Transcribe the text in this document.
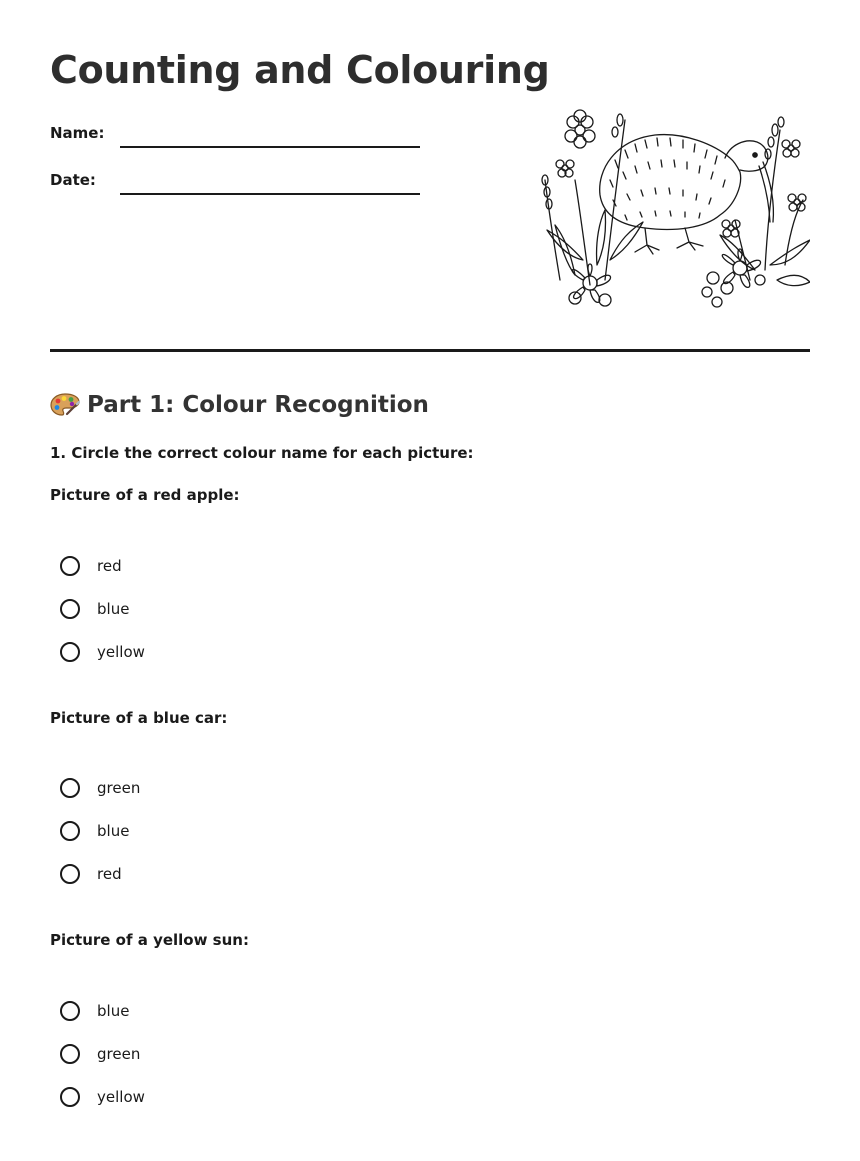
Counting and Colouring
Name:
Date:
Part 1: Colour Recognition
1. Circle the correct colour name for each picture:
Picture of a red apple:
red
blue
yellow
Picture of a blue car:
green
blue
red
Picture of a yellow sun:
blue
green
yellow
